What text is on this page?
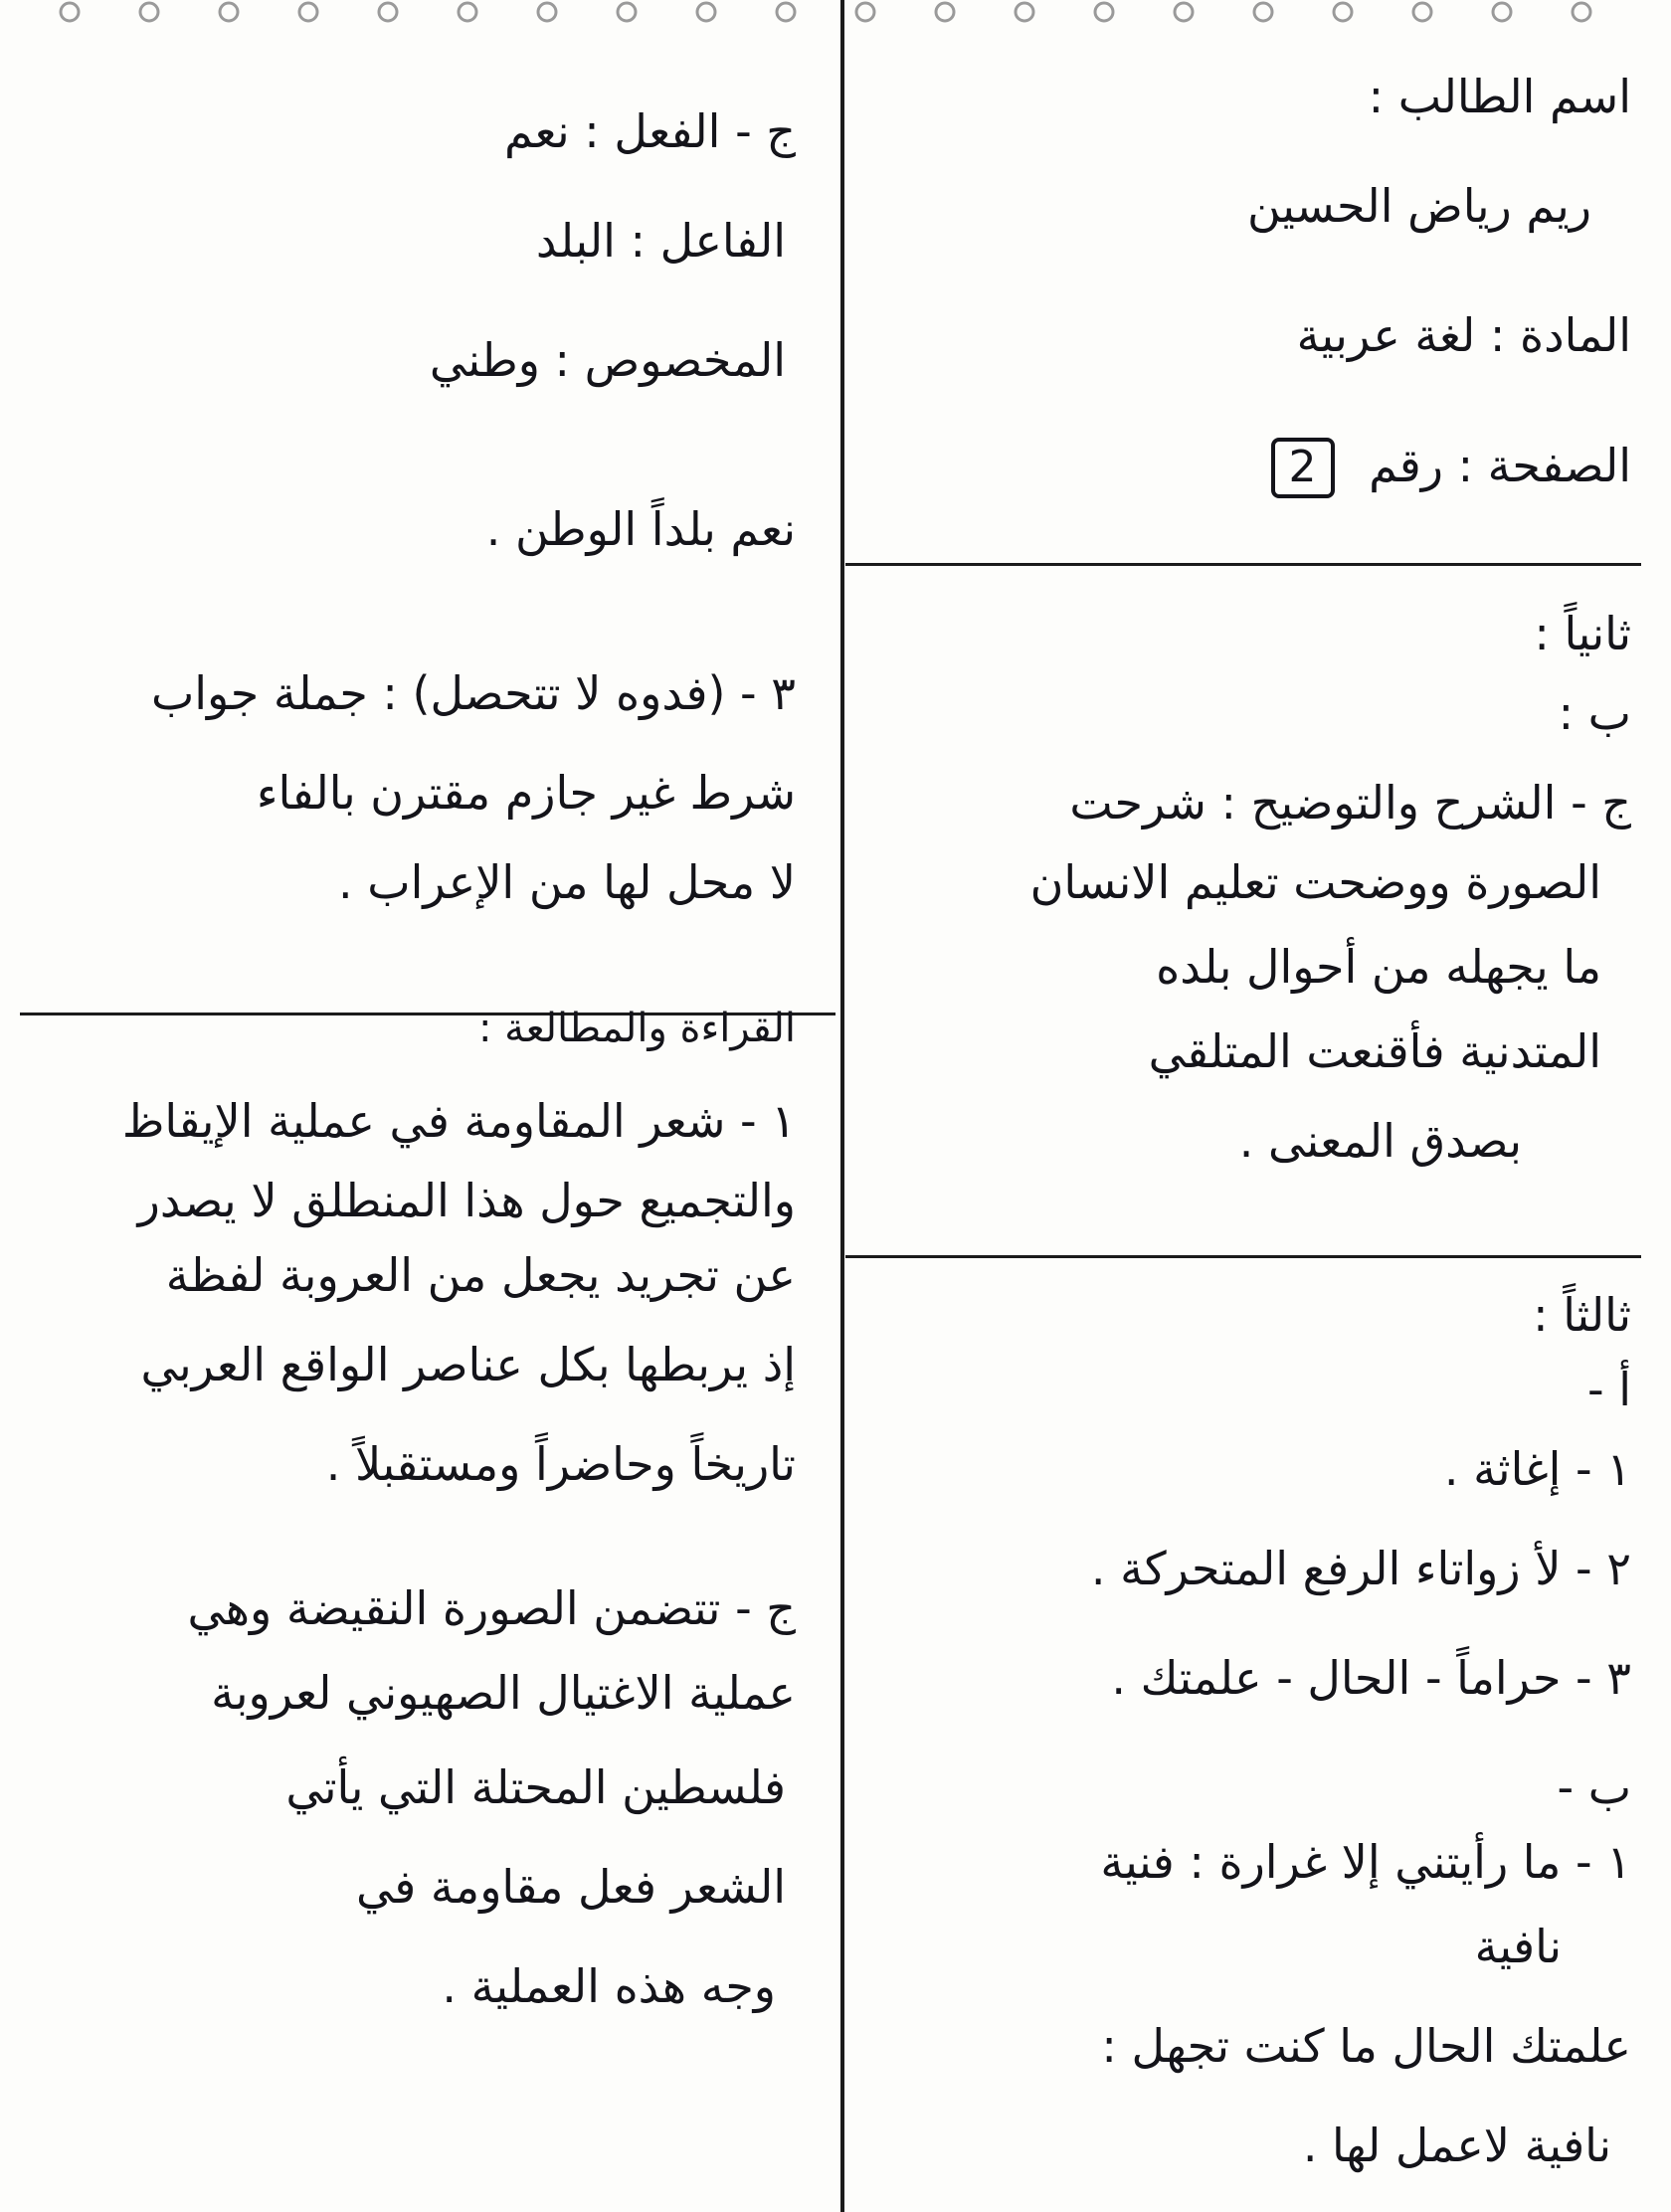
اسم الطالب :
ريم رياض الحسين
المادة : لغة عربية
الصفحة : رقم 2
ثانياً :
ب :
ج - الشرح والتوضيح : شرحت
الصورة ووضحت تعليم الانسان
ما يجهله من أحوال بلده
المتدنية فأقنعت المتلقي
بصدق المعنى .
ثالثاً :
أ -
١ - إغاثة .
٢ - لأ زواتاء الرفع المتحركة .
٣ - حراماً - الحال - علمتك .
ب -
١ - ما رأيتني إلا غرارة : فنية
نافية
علمتك الحال ما كنت تجهل :
نافية لاعمل لها .
ج - الفعل : نعم
الفاعل : البلد
المخصوص : وطني
نعم بلداً الوطن .
٣ - (فدوه لا تتحصل) : جملة جواب
شرط غير جازم مقترن بالفاء
لا محل لها من الإعراب .
القراءة والمطالعة :
١ - شعر المقاومة في عملية الإيقاظ
والتجميع حول هذا المنطلق لا يصدر
عن تجريد يجعل من العروبة لفظة
إذ يربطها بكل عناصر الواقع العربي
تاريخاً وحاضراً ومستقبلاً .
ج - تتضمن الصورة النقيضة وهي
عملية الاغتيال الصهيوني لعروبة
فلسطين المحتلة التي يأتي
الشعر فعل مقاومة في
وجه هذه العملية .
